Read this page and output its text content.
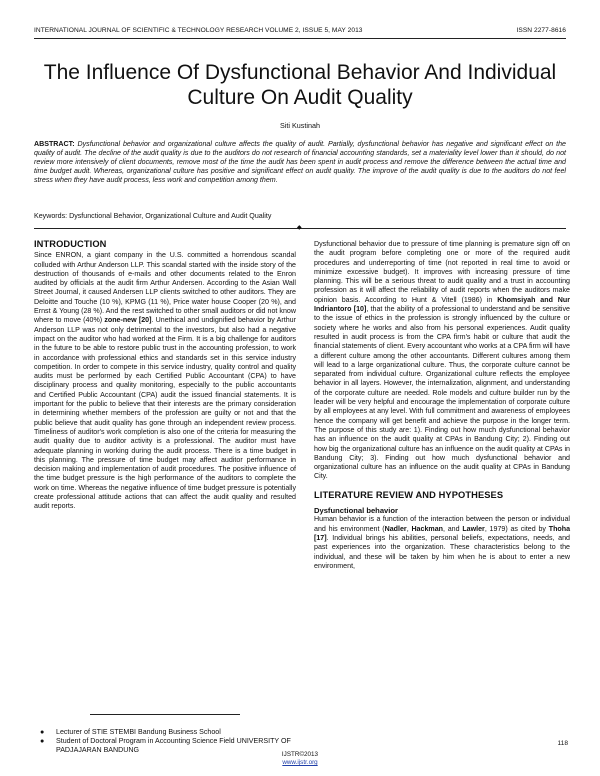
INTERNATIONAL JOURNAL OF SCIENTIFIC & TECHNOLOGY RESEARCH VOLUME 2, ISSUE 5, MAY 2013	ISSN 2277-8616
The Influence Of Dysfunctional Behavior And Individual Culture On Audit Quality
Siti Kustinah

ABSTRACT: Dysfunctional behavior and organizational culture affects the quality of audit. Partially, dysfunctional behavior has negative and significant effect on the quality of audit. The decline of the audit quality is due to the auditors do not research of financial accounting standards, set a materiality level lower than it should, do not review more intensively of client documents, remove most of the time the audit has been spent in audit process and remove the difference between the actual time and time budget audit. Whereas, organizational culture has positive and significant effect on audit quality. The improve of the audit quality is due to the auditors do not feel stress when they have audit process, less work and competition among them.

Keywords: Dysfunctional Behavior, Organizational Culture and Audit Quality

◆
INTRODUCTION

Since ENRON, a giant company in the U.S. committed a horrendous scandal colluded with Arthur Anderson LLP. This scandal started with the inside story of the destruction of thousands of e-mails and other documents related to the Enron audited by officials at the audit firm Arthur Andersen. According to the Asian Wall Street Journal, it caused Andersen LLP clients switched to other auditors. They are Deloitte and Touche (10 %), KPMG (11 %), Price water house Cooper (20 %), and Ernst & Young (28 %). And the rest switched to other small auditors or did not know where to move (40%) zone-new [20]. Unethical and undignified behavior by Arthur Anderson LLP was not only detrimental to the investors, but also had a negative impact on the auditor who had worked at the Firm. It is a big challenge for auditors in the future to be able to restore public trust in the accounting profession, to work in accordance with professional ethics and standards set in this service industry competition. In order to compete in this service industry, quality control and quality audits must be performed by each Certified Public Accountant (CPA) to have disciplinary process and quality monitoring, especially to the public accountants and Certified Public Accountant (CPA) audit the issued financial statements. It is important for the public to believe that their interests are the primary consideration in determining whether members of the profession are guilty or not and that the public believe that audit quality has gone through an independent review process. Timeliness of auditor's work completion is also one of the criteria for measuring the audit quality due to auditor activity is a professional. The auditor must have adequate planning in working during the audit process. There is a time budget in this planning. The pressure of time budget may affect auditor performance in decision making and implementation of audit procedures. The positive influence of the time budget pressure is the high performance of the auditors to complete the work on time. Whereas the negative influence of time budget pressure is potentially create professional attitude actions that can affect the audit quality and resulted audit reports.

Dysfunctional behavior due to pressure of time planning is premature sign off on the audit program before completing one or more of the required audit procedures and underreporting of time (not reported in real time to avoid or minimize excessive budget). It improves with increasing pressure of time planning. This will be a serious threat to audit quality and a trust in accounting profession as it will affect the reliability of audit reports when the auditors make opinion basis. According to Hunt & Vitell (1986) in Khomsiyah and Nur Indriantoro [10], that the ability of a professional to understand and be sensitive to the issue of ethics in the profession is strongly influenced by the culture or society where he works and also from his personal experiences. Audit quality resulted in audit process is from the CPA firm's habit or culture that audit the financial statements of client. Every accountant who works at a CPA firm will have a different culture among the other accountants. Different cultures among them will lead to a large organizational culture. Thus, the corporate culture cannot be separated from individual culture. Organizational culture reflects the employee behavior in all layers. However, the internalization, alignment, and understanding of the corporate culture are needed. Role models and culture builder run by the leader will be very helpful and encourage the implementation of corporate culture by all employees at any level. With full commitment and awareness of employees hence the company will get benefit and achieve the purpose in the longer term. The purpose of this study are: 1). Finding out how much dysfunctional behavior has an influence on the audit quality at CPAs in Bandung City; 2). Finding out how big the organizational culture has an influence on the audit quality at CPAs in Bandung City; 3). Finding out how much dysfunctional behavior and organizational culture has an influence on the audit quality at CPAs in Bandung City.

LITERATURE REVIEW AND HYPOTHESES
Dysfunctional behavior

Human behavior is a function of the interaction between the person or individual and his environment (Nadler, Hackman, and Lawler, 1979) as cited by Thoha [17]. Individual brings his abilities, personal beliefs, expectations, needs, and past experiences into the organization. These characteristics belong to the individual, and these will be taken by him when he is about to enter a new environment,

● Lecturer of STIE STEMBI Bandung Business School
● Student of Doctoral Program in Accounting Science Field UNIVERSITY OF PADJAJARAN BANDUNG
IJSTR©2013
www.ijstr.org
118
